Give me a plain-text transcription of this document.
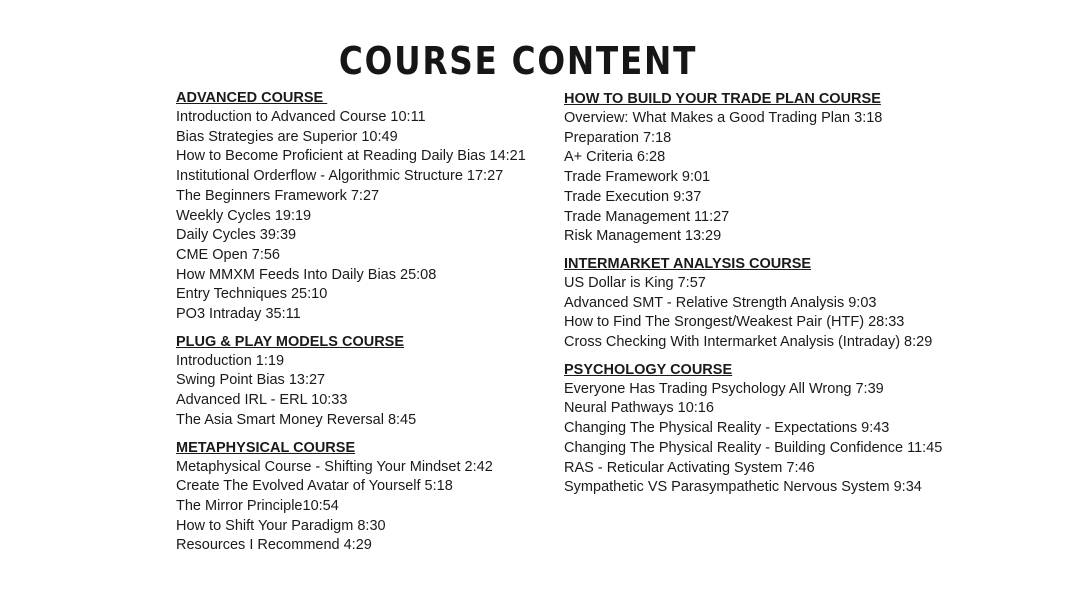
COURSE CONTENT
ADVANCED COURSE
Introduction to Advanced Course 10:11
Bias Strategies are Superior 10:49
How to Become Proficient at Reading Daily Bias 14:21
Institutional Orderflow - Algorithmic Structure 17:27
The Beginners Framework 7:27
Weekly Cycles 19:19
Daily Cycles 39:39
CME Open 7:56
How MMXM Feeds Into Daily Bias 25:08
Entry Techniques 25:10
PO3 Intraday 35:11
PLUG & PLAY MODELS COURSE
Introduction 1:19
Swing Point Bias 13:27
Advanced IRL - ERL 10:33
The Asia Smart Money Reversal 8:45
METAPHYSICAL COURSE
Metaphysical Course - Shifting Your Mindset 2:42
Create The Evolved Avatar of Yourself 5:18
The Mirror Principle10:54
How to Shift Your Paradigm 8:30
Resources I Recommend 4:29
HOW TO BUILD YOUR TRADE PLAN COURSE
Overview: What Makes a Good Trading Plan 3:18
Preparation 7:18
A+ Criteria 6:28
Trade Framework 9:01
Trade Execution 9:37
Trade Management 11:27
Risk Management 13:29
INTERMARKET ANALYSIS COURSE
US Dollar is King 7:57
Advanced SMT - Relative Strength Analysis 9:03
How to Find The Srongest/Weakest Pair (HTF) 28:33
Cross Checking With Intermarket Analysis (Intraday) 8:29
PSYCHOLOGY COURSE
Everyone Has Trading Psychology All Wrong 7:39
Neural Pathways 10:16
Changing The Physical Reality - Expectations 9:43
Changing The Physical Reality - Building Confidence 11:45
RAS - Reticular Activating System 7:46
Sympathetic VS Parasympathetic Nervous System 9:34
